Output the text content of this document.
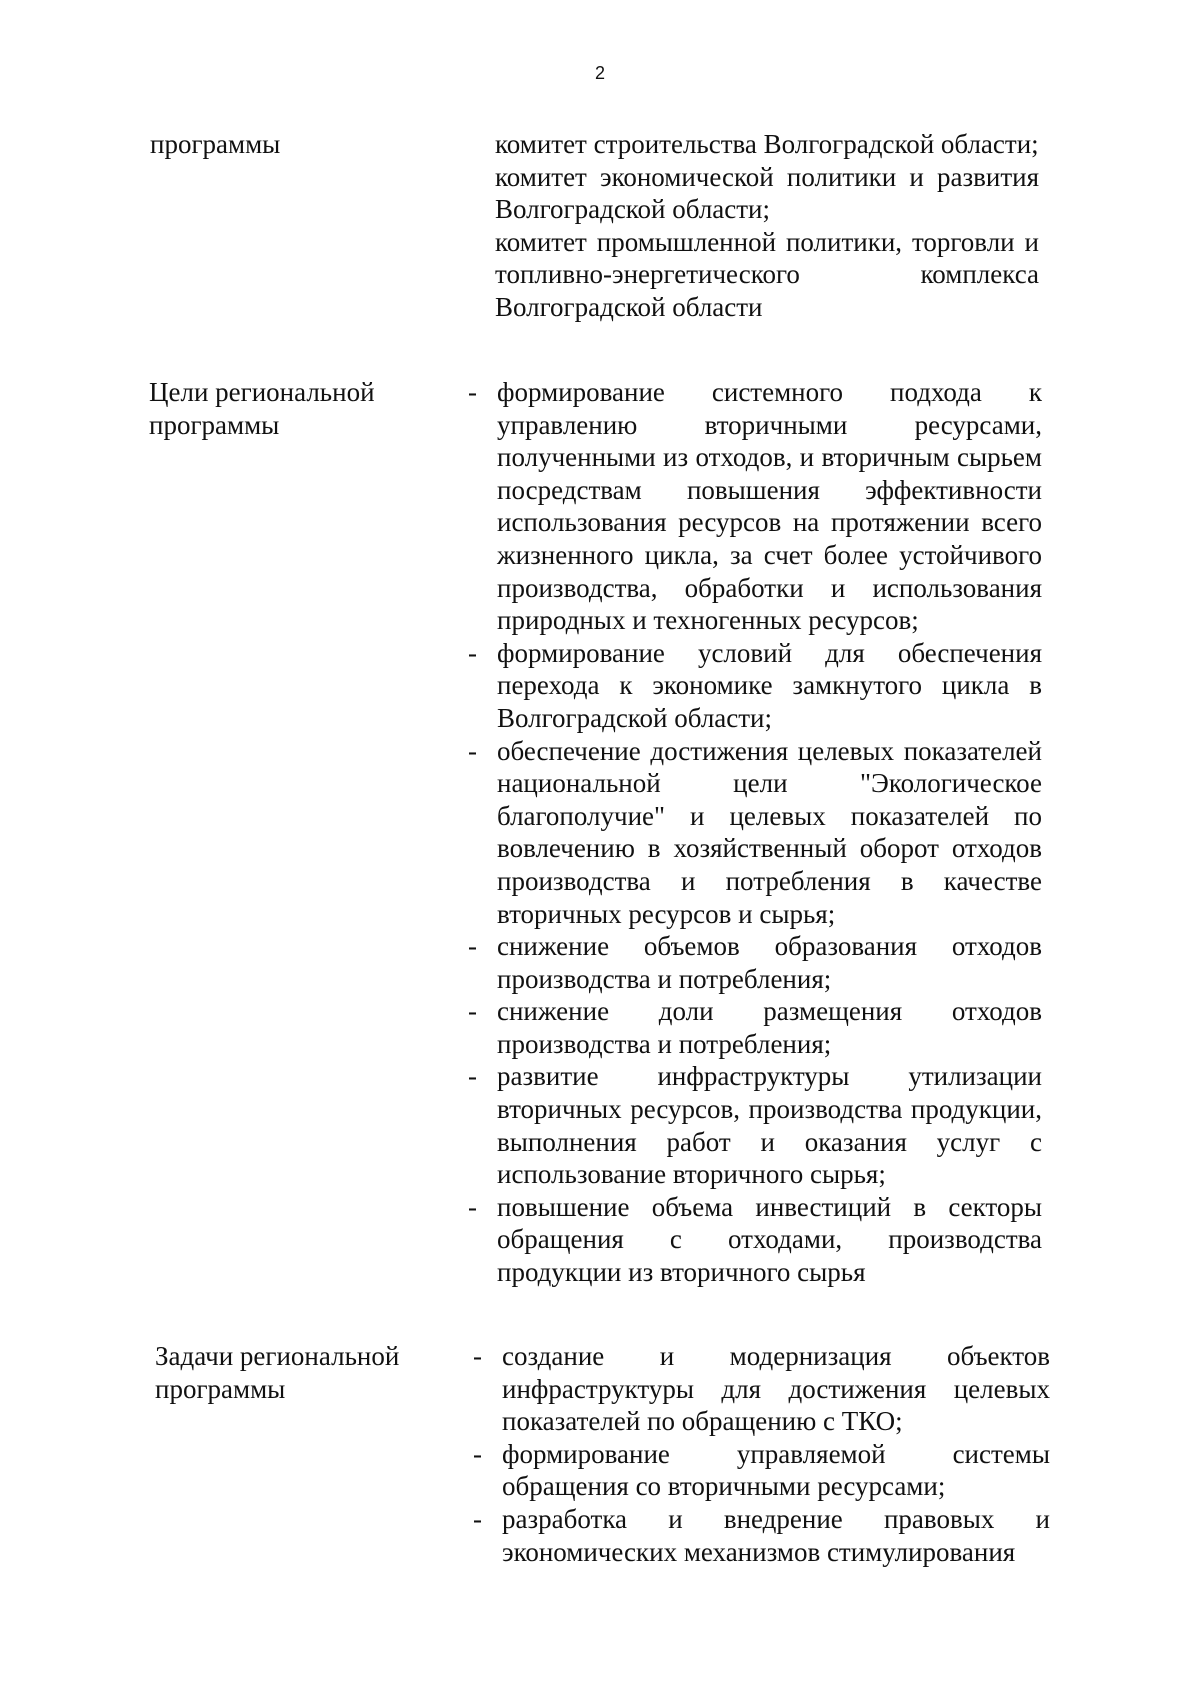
2
программы	комитет строительства Волгоградской области;

комитет экономической политики и развития Волгоградской области;

комитет промышленной политики, торговли и топливно-энергетического комплекса Волгоградской области

Цели региональной программы
- формирование системного подхода к управлению вторичными ресурсами, полученными из отходов, и вторичным сырьем посредствам повышения эффективности использования ресурсов на протяжении всего жизненного цикла, за счет более устойчивого производства, обработки и использования природных и техногенных ресурсов;
- формирование условий для обеспечения перехода к экономике замкнутого цикла в Волгоградской области;
- обеспечение достижения целевых показателей национальной цели "Экологическое благополучие" и целевых показателей по вовлечению в хозяйственный оборот отходов производства и потребления в качестве вторичных ресурсов и сырья;
- снижение объемов образования отходов производства и потребления;
- снижение доли размещения отходов производства и потребления;
- развитие инфраструктуры утилизации вторичных ресурсов, производства продукции, выполнения работ и оказания услуг с использование вторичного сырья;
- повышение объема инвестиций в секторы обращения с отходами, производства продукции из вторичного сырья
Задачи региональной программы
- создание и модернизация объектов инфраструктуры для достижения целевых показателей по обращению с ТКО;
- формирование управляемой системы обращения со вторичными ресурсами;
- разработка и внедрение правовых и экономических механизмов стимулирования
